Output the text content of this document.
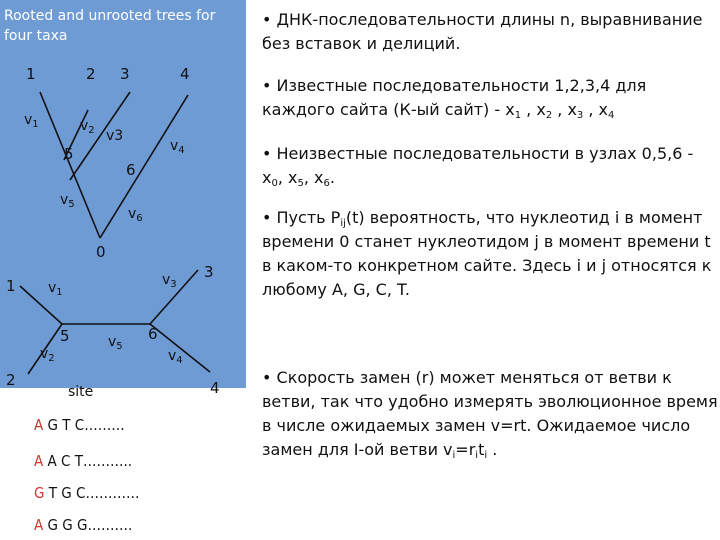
Rooted and unrooted trees for four taxa
1	2 3	4
5
6
0
$v_1$	$v_2$ v3
$v_4$
$v_5$
$v_6$
1
2
3
4
5	6
$v_1$
$v_2$
$v_3$
$v_4$
$v_5$
site
A G T C………
A A C T………..
G T G C…………
A G G G……….
• ДНК-последовательности длины n, выравнивание без вставок и делиций.
• Известные последовательности 1,2,3,4 для каждого сайта (К-ый сайт) - $x_1$ , $x_2$ , $x_3$ , $x_4$
• Неизвестные последовательности в узлах $0,5,6 - x_0$, $x_5$, $x_6$.
• Пусть $P_{ij}(t)$ вероятность, что нуклеотид i в момент времени 0 станет нуклеотидом j в момент времени t в каком-то конкретном сайте. Здесь i и j относятся к любому A, G, C, T.
• Скорость замен (r) может меняться от ветви к ветви, так что удобно измерять эволюционное время в числе ожидаемых замен v=rt. Ожидаемое число замен для I-ой ветви $v_i=r_it_i$ .
